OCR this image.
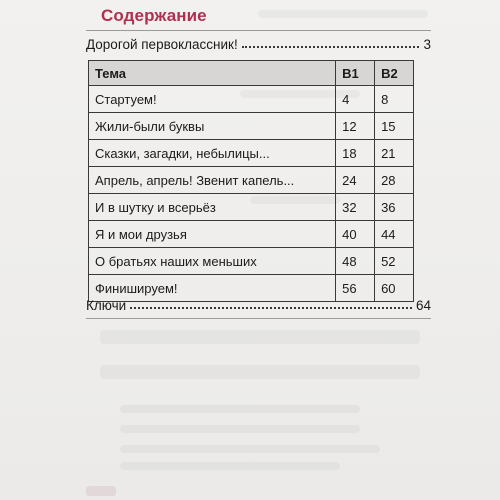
Содержание
Дорогой первоклассник!	3
Тема	В1	В2
Стартуем!	4	8
Жили-были буквы	12	15
Сказки, загадки, небылицы...	18	21
Апрель, апрель! Звенит капель...	24	28
И в шутку и всерьёз	32	36
Я и мои друзья	40	44
О братьях наших меньших	48	52
Финишируем!	56	60
Ключи	64
